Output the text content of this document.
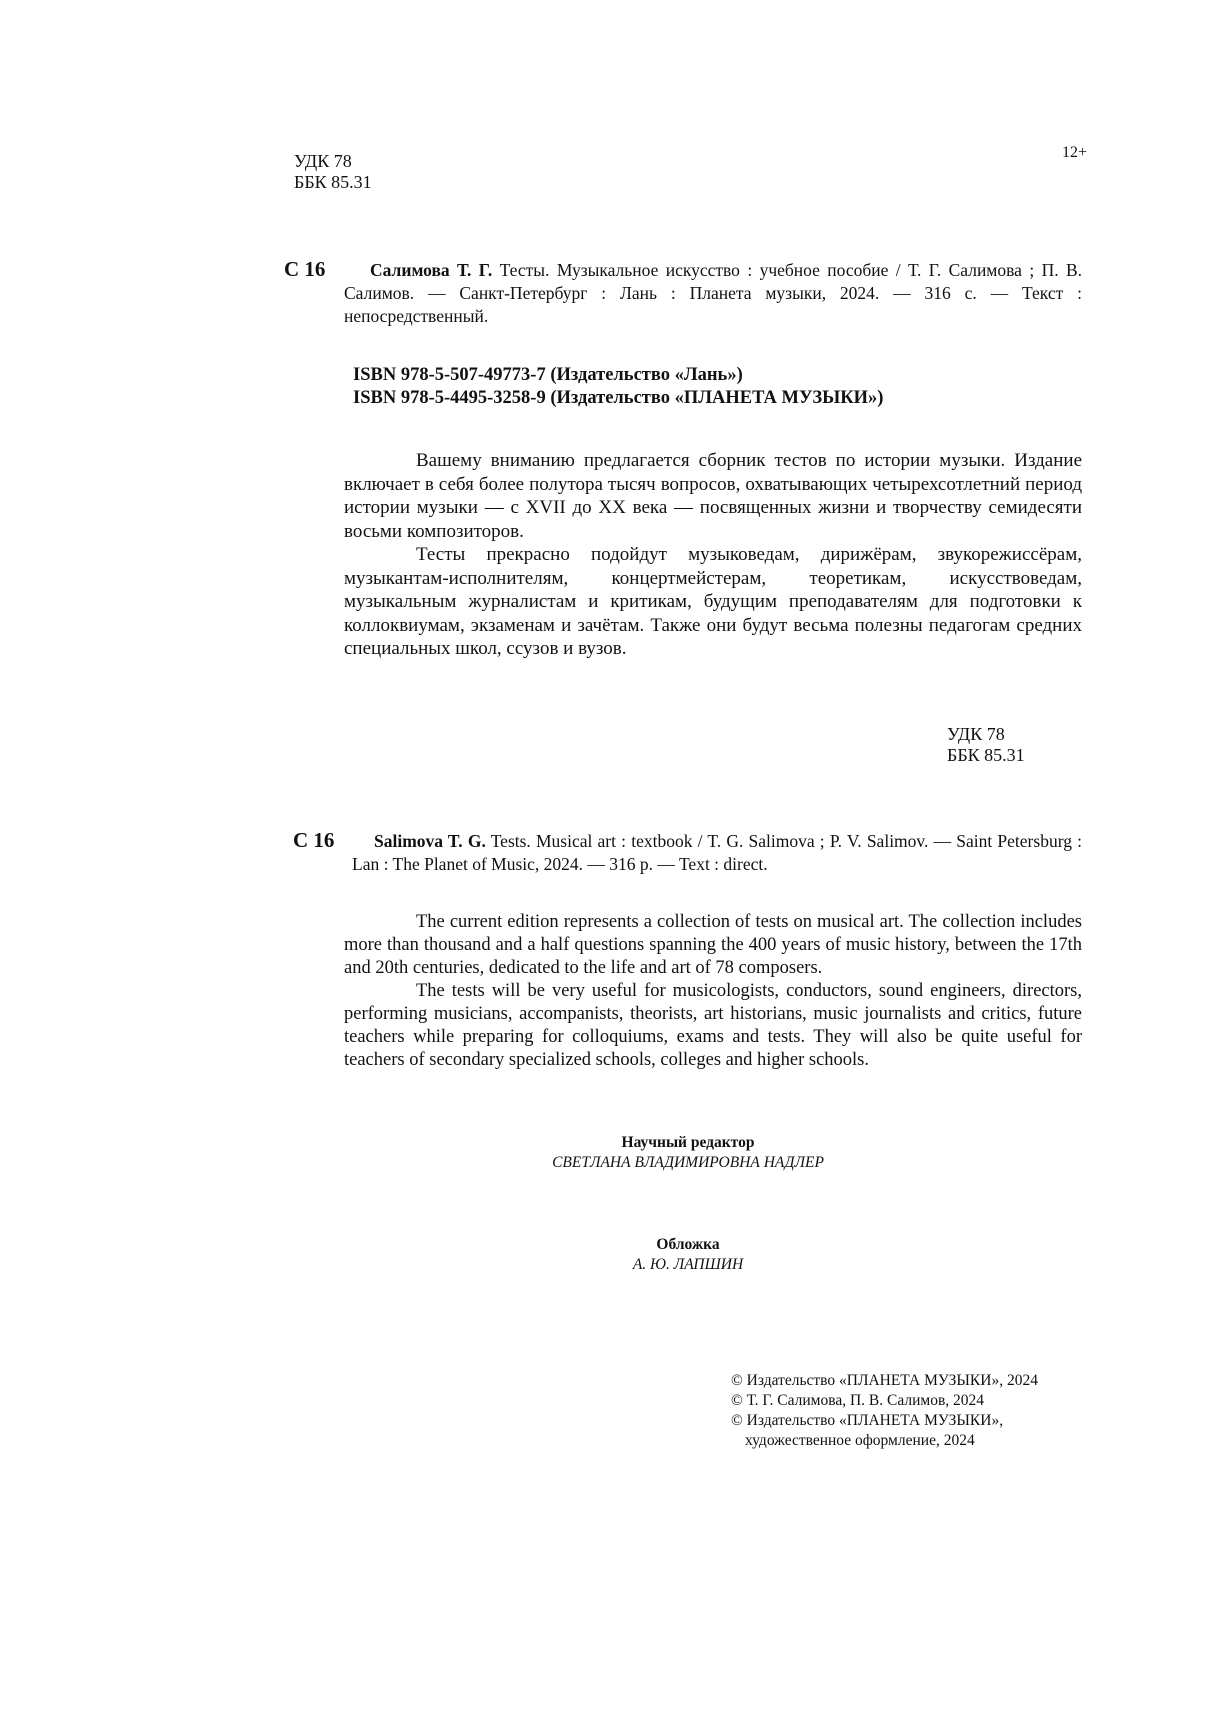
УДК 78
ББК 85.31
12+
С 16	Салимова Т. Г. Тесты. Музыкальное искусство : учебное пособие / Т. Г. Салимова ; П. В. Салимов. — Санкт-Петербург : Лань : Планета музыки, 2024. — 316 с. — Текст : непосредственный.
ISBN 978-5-507-49773-7 (Издательство «Лань»)
ISBN 978-5-4495-3258-9 (Издательство «ПЛАНЕТА МУЗЫКИ»)

Вашему вниманию предлагается сборник тестов по истории музыки. Издание включает в себя более полутора тысяч вопросов, охватывающих четырехсотлетний период истории музыки — с XVII до XX века — посвященных жизни и творчеству семидесяти восьми композиторов.

Тесты прекрасно подойдут музыковедам, дирижёрам, звукорежиссёрам, музыкантам-исполнителям, концертмейстерам, теоретикам, искусствоведам, музыкальным журналистам и критикам, будущим преподавателям для подготовки к коллоквиумам, экзаменам и зачётам. Также они будут весьма полезны педагогам средних специальных школ, ссузов и вузов.

УДК 78
ББК 85.31
С 16	Salimova T. G. Tests. Musical art : textbook / T. G. Salimova ; P. V. Salimov. — Saint Petersburg : Lan : The Planet of Music, 2024. — 316 p. — Text : direct.

The current edition represents a collection of tests on musical art. The collection includes more than thousand and a half questions spanning the 400 years of music history, between the 17th and 20th centuries, dedicated to the life and art of 78 composers.

The tests will be very useful for musicologists, conductors, sound engineers, directors, performing musicians, accompanists, theorists, art historians, music journalists and critics, future teachers while preparing for colloquiums, exams and tests. They will also be quite useful for teachers of secondary specialized schools, colleges and higher schools.

Научный редактор
СВЕТЛАНА ВЛАДИМИРОВНА НАДЛЕР
Обложка
А. Ю. ЛАПШИН
© Издательство «ПЛАНЕТА МУЗЫКИ», 2024
© Т. Г. Салимова, П. В. Салимов, 2024
© Издательство «ПЛАНЕТА МУЗЫКИ»,
художественное оформление, 2024
